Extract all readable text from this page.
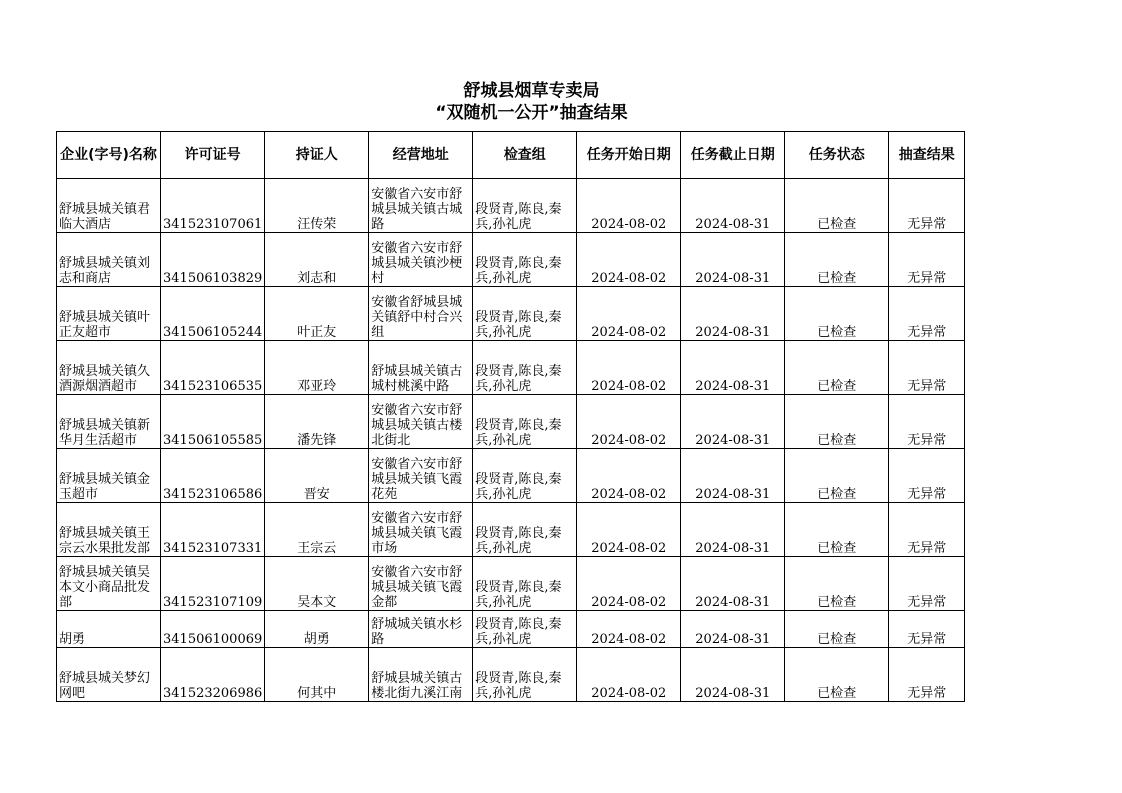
舒城县烟草专卖局
“双随机一公开”抽查结果
企业(字号)名称	许可证号	持证人	经营地址	检查组	任务开始日期	任务截止日期	任务状态	抽查结果
舒城县城关镇君临大酒店	341523107061	汪传荣	安徽省六安市舒城县城关镇古城路	段贤青,陈良,秦兵,孙礼虎	2024-08-02	2024-08-31	已检查	无异常
舒城县城关镇刘志和商店	341506103829	刘志和	安徽省六安市舒城县城关镇沙梗村	段贤青,陈良,秦兵,孙礼虎	2024-08-02	2024-08-31	已检查	无异常
舒城县城关镇叶正友超市	341506105244	叶正友	安徽省舒城县城关镇舒中村合兴组	段贤青,陈良,秦兵,孙礼虎	2024-08-02	2024-08-31	已检查	无异常
舒城县城关镇久酒源烟酒超市	341523106535	邓亚玲	舒城县城关镇古城村桃溪中路	段贤青,陈良,秦兵,孙礼虎	2024-08-02	2024-08-31	已检查	无异常
舒城县城关镇新华月生活超市	341506105585	潘先锋	安徽省六安市舒城县城关镇古楼北街北	段贤青,陈良,秦兵,孙礼虎	2024-08-02	2024-08-31	已检查	无异常
舒城县城关镇金玉超市	341523106586	晋安	安徽省六安市舒城县城关镇飞霞花苑	段贤青,陈良,秦兵,孙礼虎	2024-08-02	2024-08-31	已检查	无异常
舒城县城关镇王宗云水果批发部	341523107331	王宗云	安徽省六安市舒城县城关镇飞霞市场	段贤青,陈良,秦兵,孙礼虎	2024-08-02	2024-08-31	已检查	无异常
舒城县城关镇吴本文小商品批发部	341523107109	吴本文	安徽省六安市舒城县城关镇飞霞金都	段贤青,陈良,秦兵,孙礼虎	2024-08-02	2024-08-31	已检查	无异常
胡勇	341506100069	胡勇	舒城城关镇水杉路	段贤青,陈良,秦兵,孙礼虎	2024-08-02	2024-08-31	已检查	无异常
舒城县城关梦幻网吧	341523206986	何其中	舒城县城关镇古楼北街九溪江南	段贤青,陈良,秦兵,孙礼虎	2024-08-02	2024-08-31	已检查	无异常
